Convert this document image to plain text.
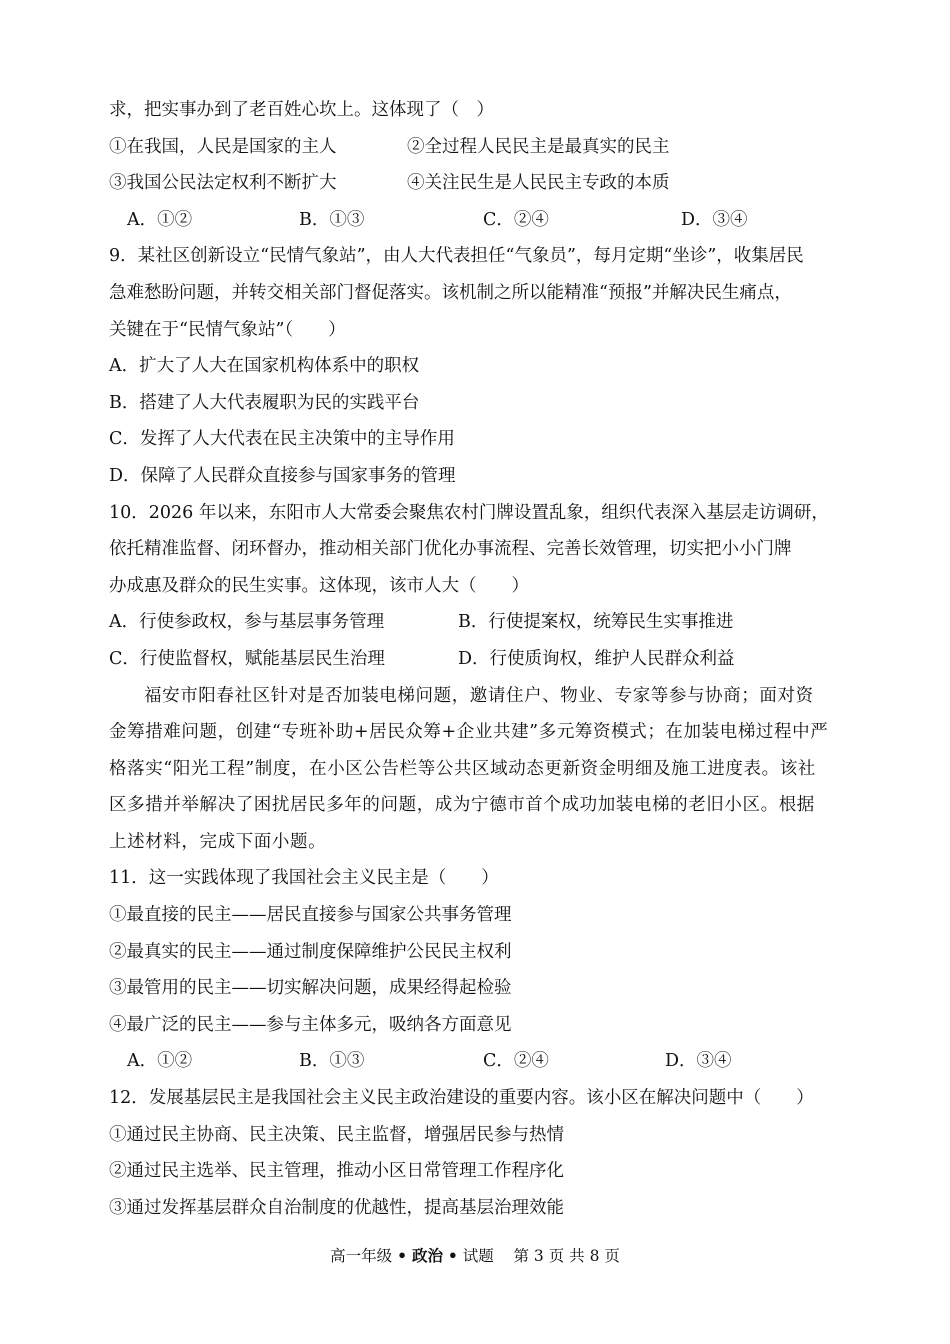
求，把实事办到了老百姓心坎上。这体现了（　）
①在我国，人民是国家的主人	②全过程人民民主是最真实的民主
③我国公民法定权利不断扩大	④关注民生是人民民主专政的本质
A．①②	B．①③	C．②④	D．③④
9．某社区创新设立“民情气象站”，由人大代表担任“气象员”，每月定期“坐诊”，收集居民
急难愁盼问题，并转交相关部门督促落实。该机制之所以能精准“预报”并解决民生痛点，
关键在于“民情气象站”（　　）
A．扩大了人大在国家机构体系中的职权
B．搭建了人大代表履职为民的实践平台
C．发挥了人大代表在民主决策中的主导作用
D．保障了人民群众直接参与国家事务的管理
10．2026 年以来，东阳市人大常委会聚焦农村门牌设置乱象，组织代表深入基层走访调研，
依托精准监督、闭环督办，推动相关部门优化办事流程、完善长效管理，切实把小小门牌
办成惠及群众的民生实事。这体现，该市人大（　　）
A．行使参政权，参与基层事务管理	B．行使提案权，统筹民生实事推进
C．行使监督权，赋能基层民生治理	D．行使质询权，维护人民群众利益
福安市阳春社区针对是否加装电梯问题，邀请住户、物业、专家等参与协商；面对资
金筹措难问题，创建“专班补助+居民众筹+企业共建”多元筹资模式；在加装电梯过程中严
格落实“阳光工程”制度，在小区公告栏等公共区域动态更新资金明细及施工进度表。该社
区多措并举解决了困扰居民多年的问题，成为宁德市首个成功加装电梯的老旧小区。根据
上述材料，完成下面小题。
11．这一实践体现了我国社会主义民主是（　　）
①最直接的民主——居民直接参与国家公共事务管理
②最真实的民主——通过制度保障维护公民民主权利
③最管用的民主——切实解决问题，成果经得起检验
④最广泛的民主——参与主体多元，吸纳各方面意见
A．①②	B．①③	C．②④	D．③④
12．发展基层民主是我国社会主义民主政治建设的重要内容。该小区在解决问题中（　　）
①通过民主协商、民主决策、民主监督，增强居民参与热情
②通过民主选举、民主管理，推动小区日常管理工作程序化
③通过发挥基层群众自治制度的优越性，提高基层治理效能
高一年级 • 政治 • 试题 第 3 页 共 8 页
